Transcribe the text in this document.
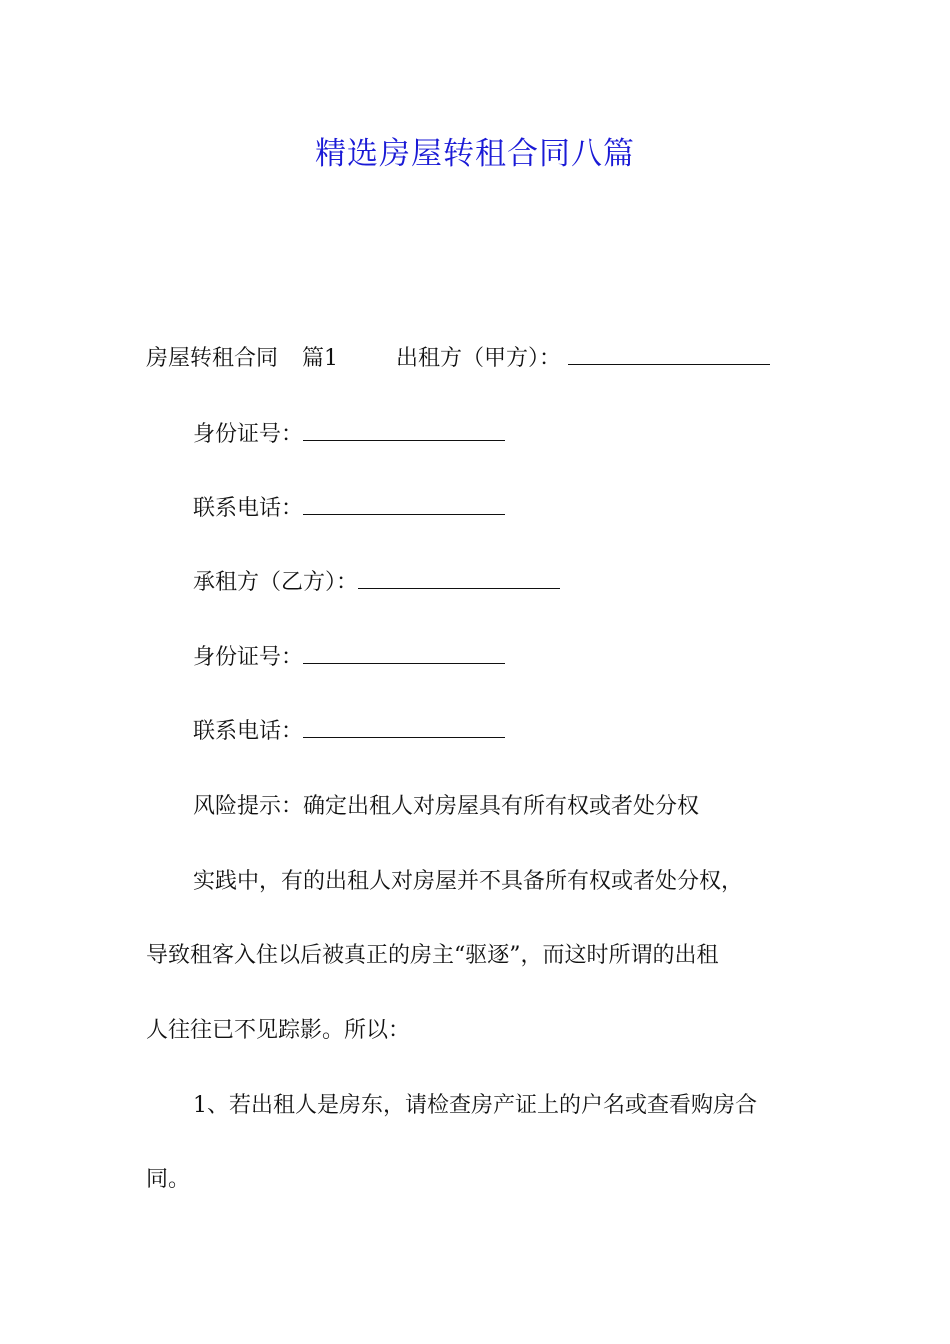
精选房屋转租合同八篇
房屋转租合同 篇1	出租方（甲方）：
身份证号：
联系电话：
承租方（乙方）：
身份证号：
联系电话：
风险提示：确定出租人对房屋具有所有权或者处分权
实践中，有的出租人对房屋并不具备所有权或者处分权，
导致租客入住以后被真正的房主“驱逐”，而这时所谓的出租
人往往已不见踪影。所以：
1、若出租人是房东，请检查房产证上的户名或查看购房合
同。
